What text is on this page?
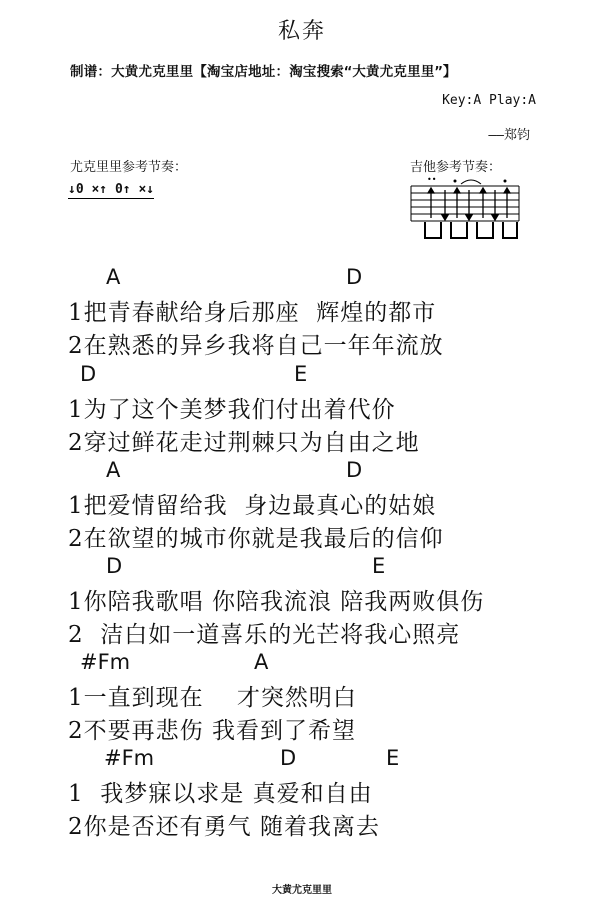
私奔
制谱：大黄尤克里里【淘宝店地址：淘宝搜索“大黄尤克里里”】
Key:A Play:A
——郑钧
尤克里里参考节奏：
↓0 ×↑ 0↑ ×↓
吉他参考节奏：
••
A	D
1把青春献给身后那座  辉煌的都市
2在熟悉的异乡我将自己一年年流放
D	E
1为了这个美梦我们付出着代价
2穿过鲜花走过荆棘只为自由之地
A	D
1把爱情留给我  身边最真心的姑娘
2在欲望的城市你就是我最后的信仰
D	E
1你陪我歌唱 你陪我流浪 陪我两败俱伤
2  洁白如一道喜乐的光芒将我心照亮
#Fm	A
1一直到现在    才突然明白
2不要再悲伤 我看到了希望
#Fm	D	E
1  我梦寐以求是 真爱和自由
2你是否还有勇气 随着我离去
大黄尤克里里
